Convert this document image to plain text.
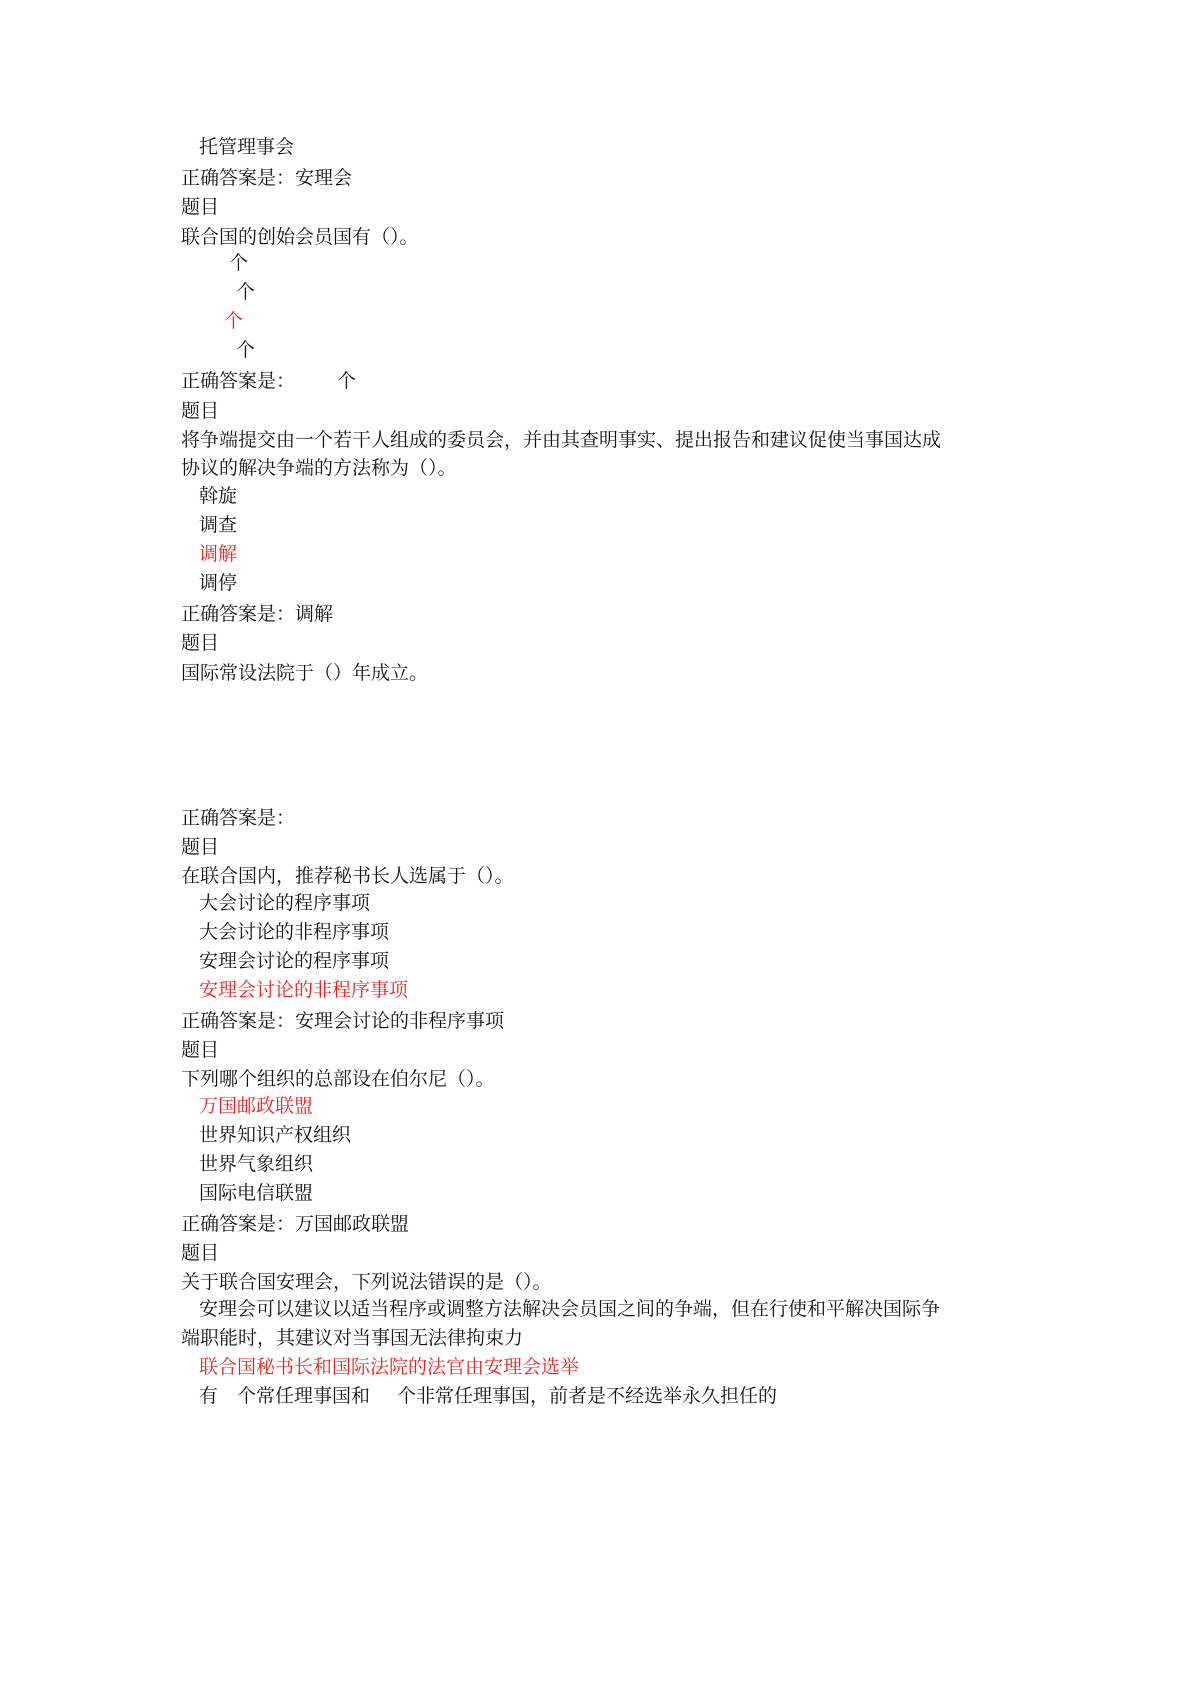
托管理事会
正确答案是：安理会
题目
联合国的创始会员国有（）。
个
个
个
个
正确答案是： 个
题目
将争端提交由一个若干人组成的委员会，并由其查明事实、提出报告和建议促使当事国达成
协议的解决争端的方法称为（）。
斡旋
调查
调解
调停
正确答案是：调解
题目
国际常设法院于（）年成立。
正确答案是：
题目
在联合国内，推荐秘书长人选属于（）。
大会讨论的程序事项
大会讨论的非程序事项
安理会讨论的程序事项
安理会讨论的非程序事项
正确答案是：安理会讨论的非程序事项
题目
下列哪个组织的总部设在伯尔尼（）。
万国邮政联盟
世界知识产权组织
世界气象组织
国际电信联盟
正确答案是：万国邮政联盟
题目
关于联合国安理会，下列说法错误的是（）。
安理会可以建议以适当程序或调整方法解决会员国之间的争端，但在行使和平解决国际争
端职能时，其建议对当事国无法律拘束力
联合国秘书长和国际法院的法官由安理会选举
有 个常任理事国和 个非常任理事国，前者是不经选举永久担任的
